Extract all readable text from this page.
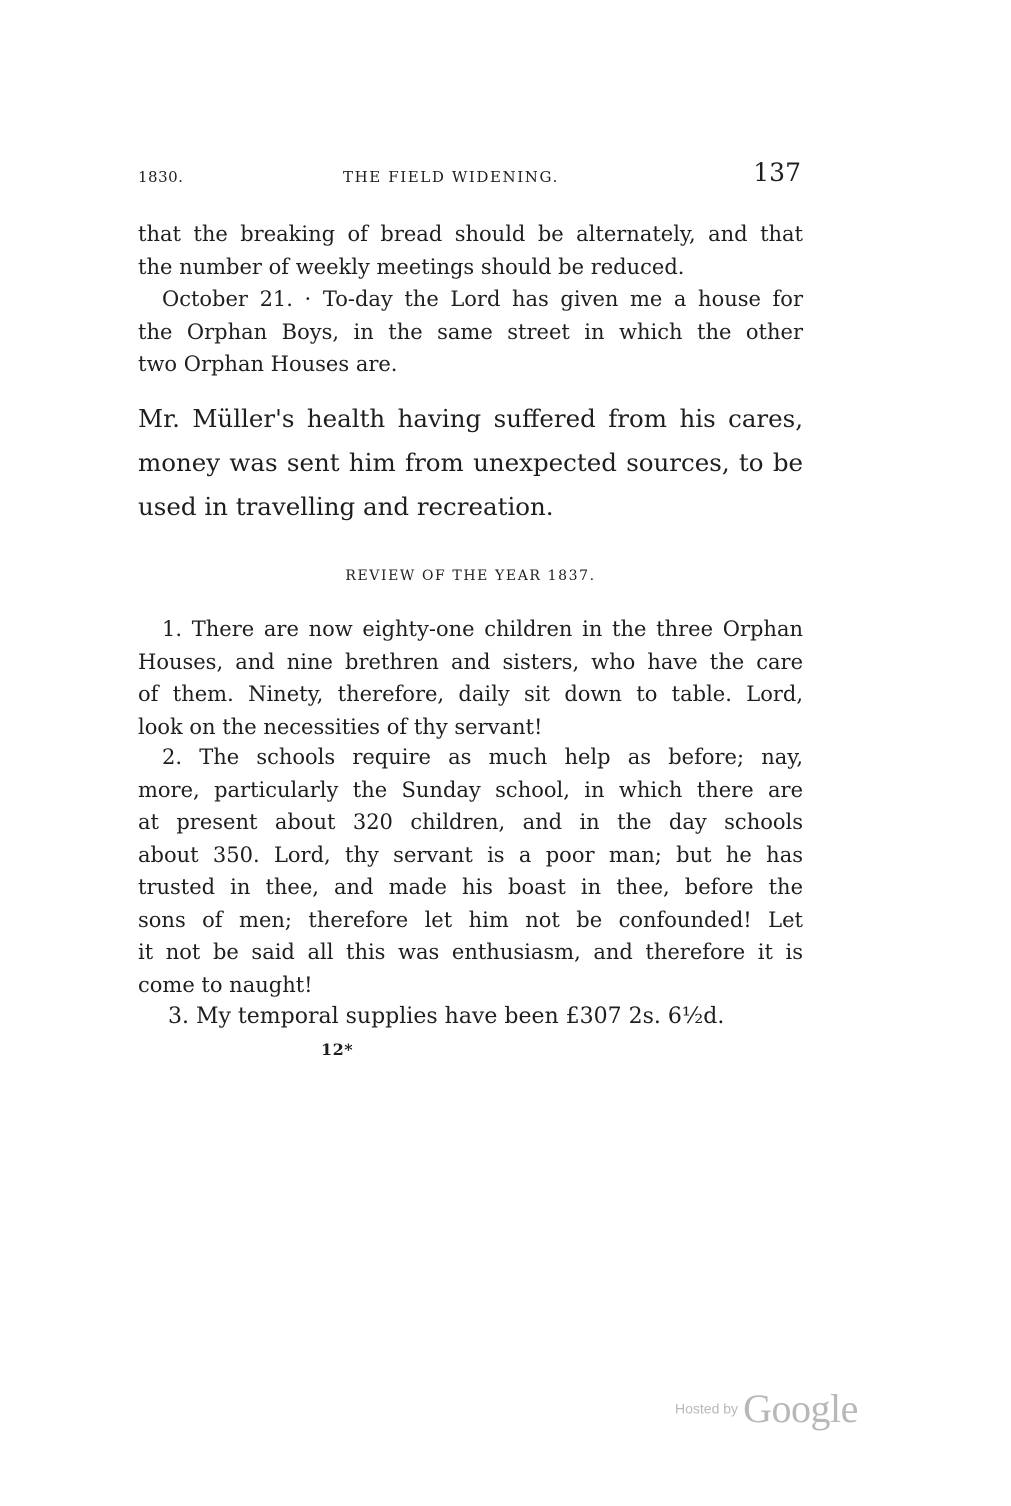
1830.	THE FIELD WIDENING.	137
that the breaking of bread should be alternately, and that
the number of weekly meetings should be reduced.
October 21. · To-day the Lord has given me a house for
the Orphan Boys, in the same street in which the other
two Orphan Houses are.
Mr. Müller's health having suffered from his cares,
money was sent him from unexpected sources, to be
used in travelling and recreation.
REVIEW OF THE YEAR 1837.
1. There are now eighty-one children in the three Orphan
Houses, and nine brethren and sisters, who have the care
of them. Ninety, therefore, daily sit down to table. Lord,
look on the necessities of thy servant!
2. The schools require as much help as before; nay,
more, particularly the Sunday school, in which there are
at present about 320 children, and in the day schools
about 350. Lord, thy servant is a poor man; but he has
trusted in thee, and made his boast in thee, before the
sons of men; therefore let him not be confounded! Let
it not be said all this was enthusiasm, and therefore it is
come to naught!
3. My temporal supplies have been £307 2s. 6½d.
12*
Hosted by Google
